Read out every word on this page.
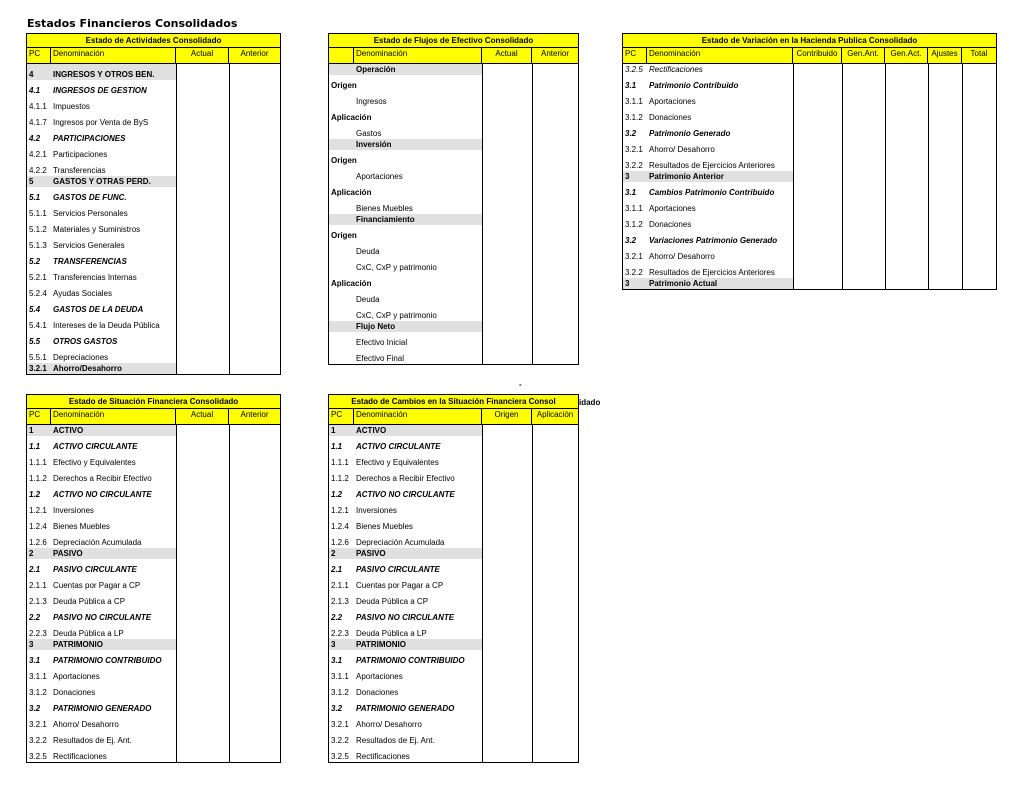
Estados Financieros Consolidados
Estado de Actividades Consolidado
PC	Denominación	Actual	Anterior
4	INGRESOS Y OTROS BEN.
4.1	INGRESOS DE GESTION
4.1.1 Impuestos
4.1.7 Ingresos por Venta de ByS
4.2	PARTICIPACIONES
4.2.1 Participaciones
4.2.2 Transferencias
5	GASTOS Y OTRAS PERD.
5.1	GASTOS DE FUNC.
5.1.1 Servicios Personales
5.1.2 Materiales y Suministros
5.1.3 Servicios Generales
5.2	TRANSFERENCIAS
5.2.1 Transferencias Internas
5.2.4 Ayudas Sociales
5.4	GASTOS DE LA DEUDA
5.4.1 Intereses de la Deuda Pública
5.5	OTROS GASTOS
5.5.1 Depreciaciones
3.2.1 Ahorro/Desahorro
Estado de Flujos de Efectivo Consolidado
Denominación	Actual	Anterior
Operación
Origen
Ingresos
Aplicación
Gastos
Inversión
Origen
Aportaciones
Aplicación
Bienes Muebles
Financiamiento
Origen
Deuda
CxC, CxP y patrimonio
Aplicación
Deuda
CxC, CxP y patrimonio
Flujo Neto
Efectivo Inicial
Efectivo Final
Estado de Variación en la Hacienda Publica Consolidado
PC	Denominación	Contribuido	Gen.Ant.	Gen.Act.	Ajustes	Total
3.2.5 Rectificaciones
3.1	Patrimonio Contribuido
3.1.1 Aportaciones
3.1.2 Donaciones
3.2	Patrimonio Generado
3.2.1 Ahorro/ Desahorro
3.2.2 Resultados de Ejercicios Anteriores
3	Patrimonio Anterior
3.1	Cambios Patrimonio Contribuido
3.1.1 Aportaciones
3.1.2 Donaciones
3.2	Variaciones Patrimonio Generado
3.2.1 Ahorro/ Desahorro
3.2.2 Resultados de Ejercicios Anteriores
3	Patrimonio Actual
Estado de Situación Financiera Consolidado
PC	Denominación	Actual	Anterior
1	ACTIVO
1.1	ACTIVO CIRCULANTE
1.1.1 Efectivo y Equivalentes
1.1.2 Derechos a Recibir Efectivo
1.2	ACTIVO NO CIRCULANTE
1.2.1 Inversiones
1.2.4 Bienes Muebles
1.2.6 Depreciación Acumulada
2	PASIVO
2.1	PASIVO CIRCULANTE
2.1.1 Cuentas por Pagar a CP
2.1.3 Deuda Pública a CP
2.2	PASIVO NO CIRCULANTE
2.2.3 Deuda Pública a LP
3	PATRIMONIO
3.1	PATRIMONIO CONTRIBUIDO
3.1.1 Aportaciones
3.1.2 Donaciones
3.2	PATRIMONIO GENERADO
3.2.1 Ahorro/ Desahorro
3.2.2 Resultados de Ej. Ant.
3.2.5 Rectificaciones
Estado de Cambios en la Situación Financiera Consol
PC	Denominación	Origen	Aplicación
1	ACTIVO
1.1	ACTIVO CIRCULANTE
1.1.1 Efectivo y Equivalentes
1.1.2 Derechos a Recibir Efectivo
1.2	ACTIVO NO CIRCULANTE
1.2.1 Inversiones
1.2.4 Bienes Muebles
1.2.6 Depreciación Acumulada
2	PASIVO
2.1	PASIVO CIRCULANTE
2.1.1 Cuentas por Pagar a CP
2.1.3 Deuda Pública a CP
2.2	PASIVO NO CIRCULANTE
2.2.3 Deuda Pública a LP
3	PATRIMONIO
3.1	PATRIMONIO CONTRIBUIDO
3.1.1 Aportaciones
3.1.2 Donaciones
3.2	PATRIMONIO GENERADO
3.2.1 Ahorro/ Desahorro
3.2.2 Resultados de Ej. Ant.
3.2.5 Rectificaciones
-
idado
